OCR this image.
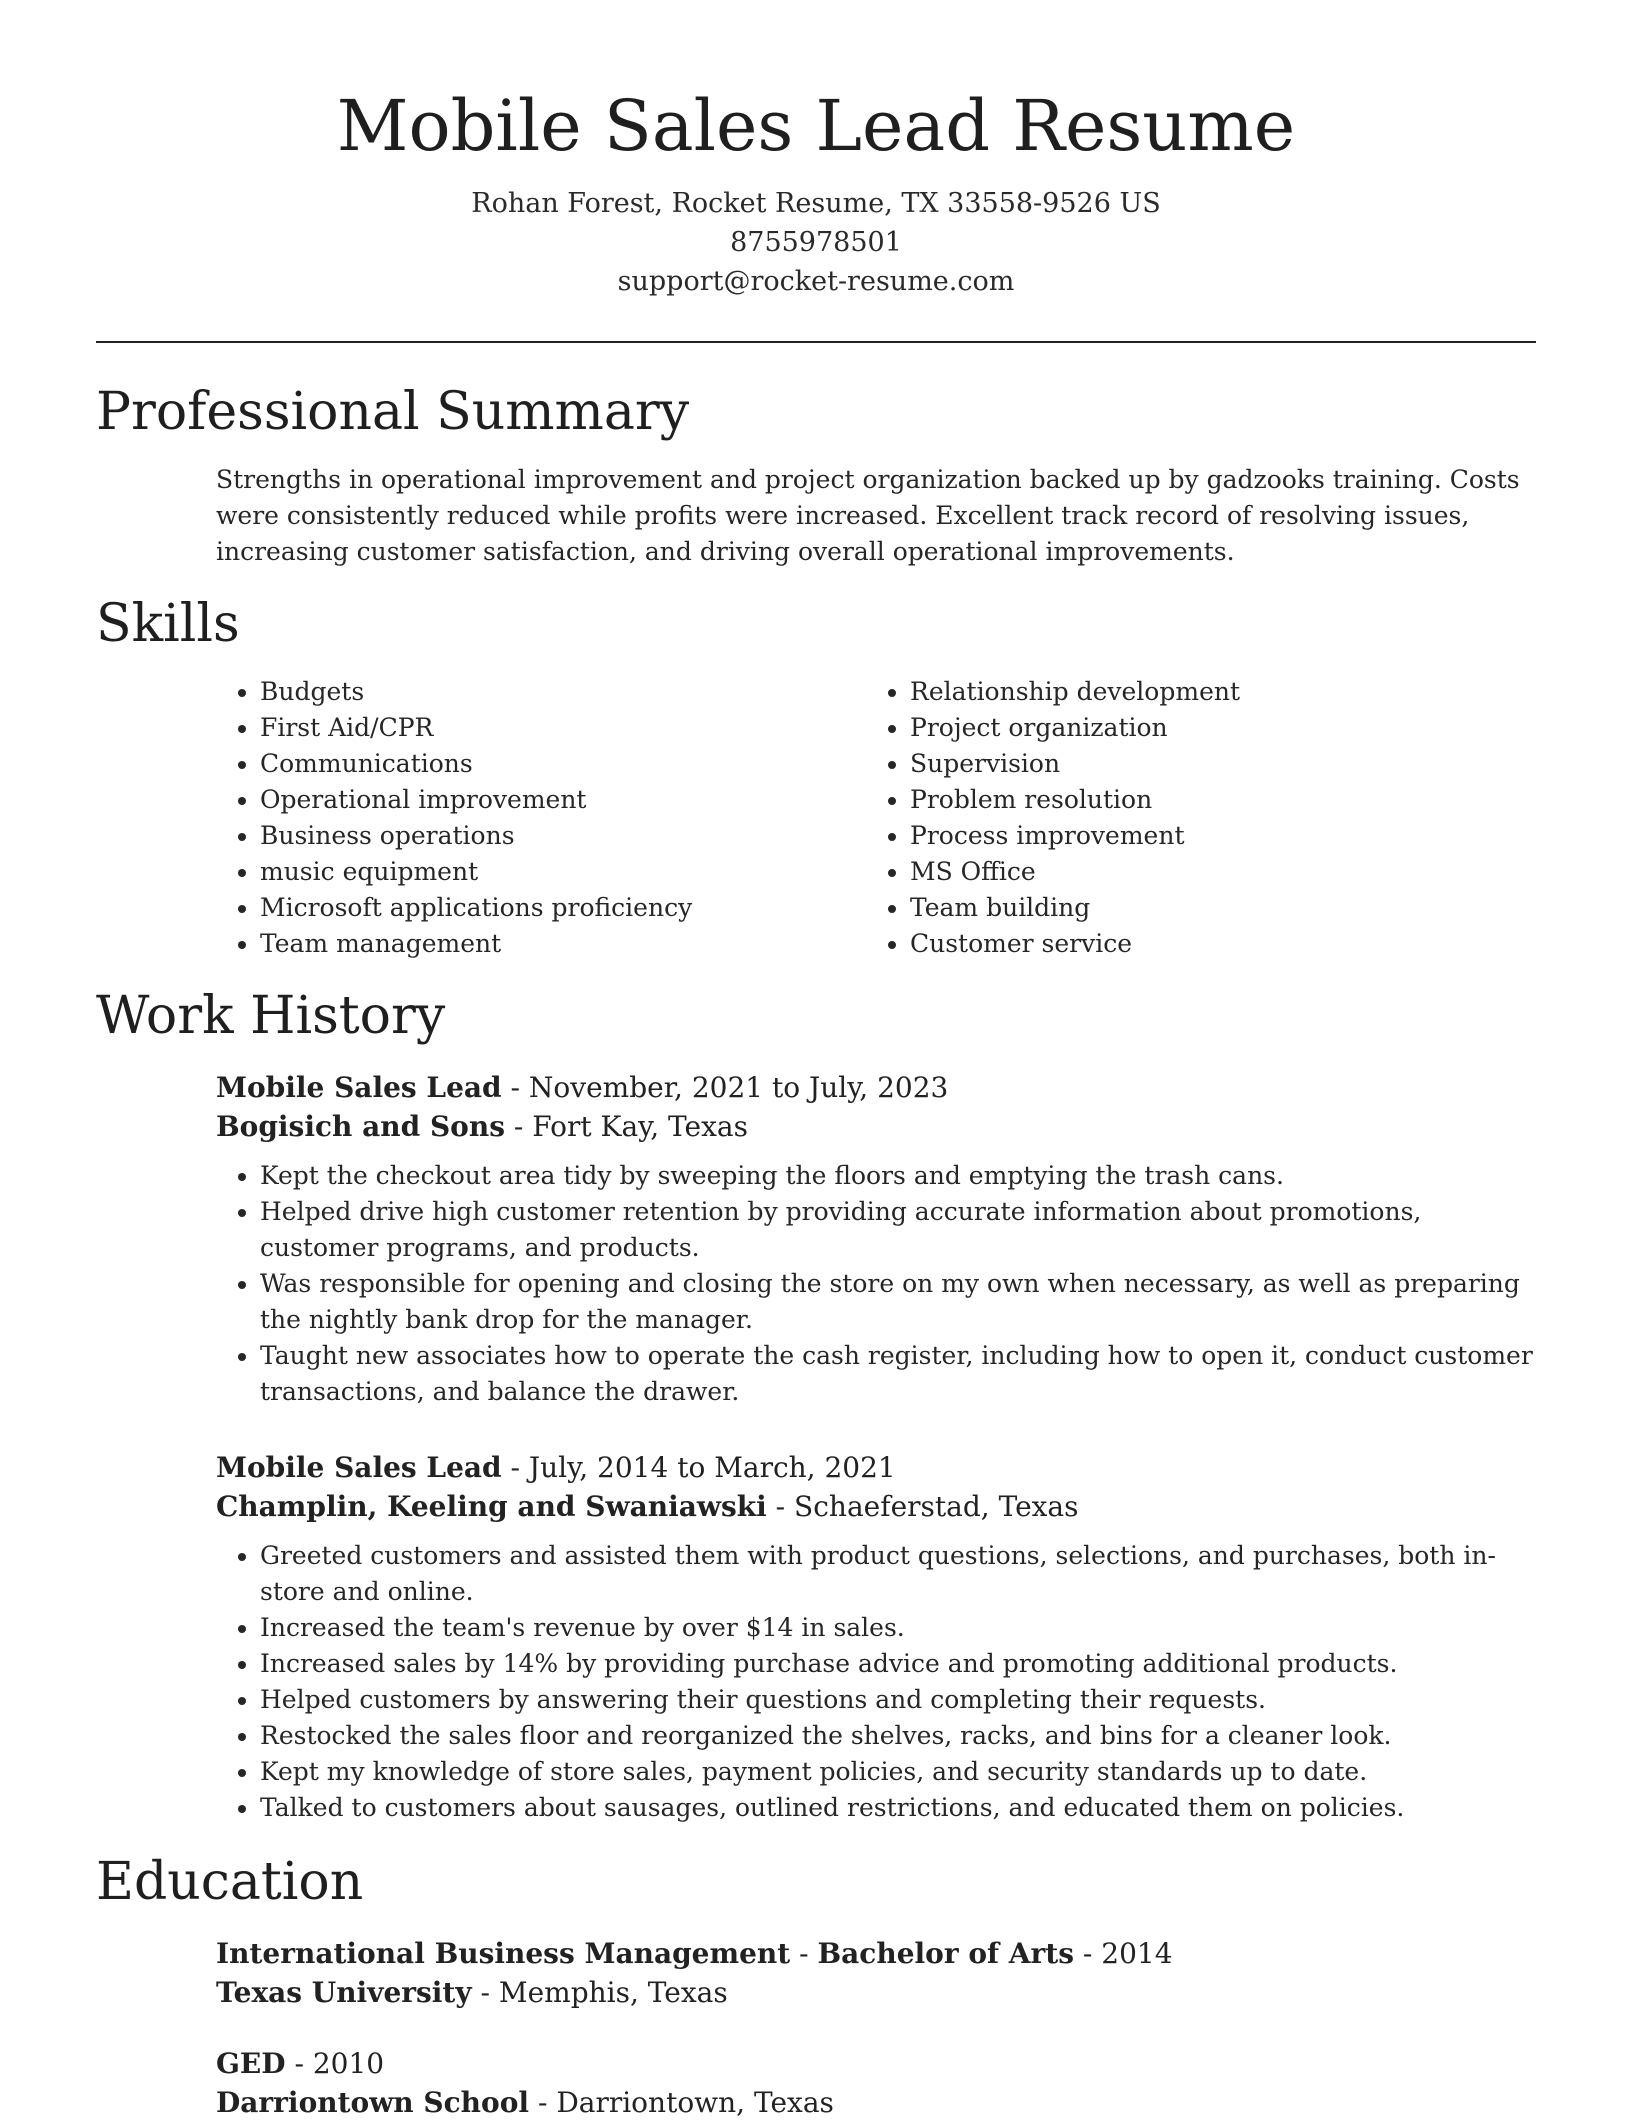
Mobile Sales Lead Resume
Rohan Forest, Rocket Resume, TX 33558-9526 US
8755978501
support@rocket-resume.com
Professional Summary

Strengths in operational improvement and project organization backed up by gadzooks training. Costs were consistently reduced while profits were increased. Excellent track record of resolving issues, increasing customer satisfaction, and driving overall operational improvements.

Skills
• Budgets
• First Aid/CPR
• Communications
• Operational improvement
• Business operations
• music equipment
• Microsoft applications proficiency
• Team management
• Relationship development
• Project organization
• Supervision
• Problem resolution
• Process improvement
• MS Office
• Team building
• Customer service
Work History
Mobile Sales Lead - November, 2021 to July, 2023
Bogisich and Sons - Fort Kay, Texas
• Kept the checkout area tidy by sweeping the floors and emptying the trash cans.
• Helped drive high customer retention by providing accurate information about promotions, customer programs, and products.
• Was responsible for opening and closing the store on my own when necessary, as well as preparing the nightly bank drop for the manager.
• Taught new associates how to operate the cash register, including how to open it, conduct customer transactions, and balance the drawer.
Mobile Sales Lead - July, 2014 to March, 2021
Champlin, Keeling and Swaniawski - Schaeferstad, Texas
• Greeted customers and assisted them with product questions, selections, and purchases, both in-store and online.
• Increased the team's revenue by over $14 in sales.
• Increased sales by 14% by providing purchase advice and promoting additional products.
• Helped customers by answering their questions and completing their requests.
• Restocked the sales floor and reorganized the shelves, racks, and bins for a cleaner look.
• Kept my knowledge of store sales, payment policies, and security standards up to date.
• Talked to customers about sausages, outlined restrictions, and educated them on policies.
Education
International Business Management - Bachelor of Arts - 2014
Texas University - Memphis, Texas
GED - 2010
Darriontown School - Darriontown, Texas
